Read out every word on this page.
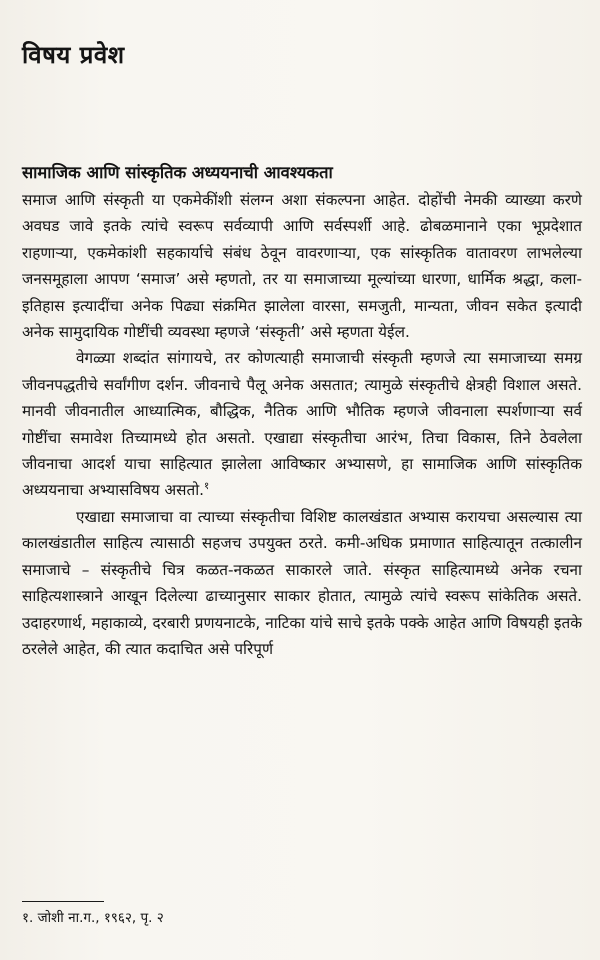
विषय प्रवेश
सामाजिक आणि सांस्कृतिक अध्ययनाची आवश्यकता

समाज आणि संस्कृती या एकमेकींशी संलग्न अशा संकल्पना आहेत. दोहोंची नेमकी व्याख्या करणे अवघड जावे इतके त्यांचे स्वरूप सर्वव्यापी आणि सर्वस्पर्शी आहे. ढोबळमानाने एका भूप्रदेशात राहणाऱ्या, एकमेकांशी सहकार्याचे संबंध ठेवून वावरणाऱ्या, एक सांस्कृतिक वातावरण लाभलेल्या जनसमूहाला आपण ‘समाज’ असे म्हणतो, तर या समाजाच्या मूल्यांच्या धारणा, धार्मिक श्रद्धा, कला-इतिहास इत्यादींचा अनेक पिढ्या संक्रमित झालेला वारसा, समजुती, मान्यता, जीवन सकेत इत्यादी अनेक सामुदायिक गोष्टींची व्यवस्था म्हणजे ‘संस्कृती’ असे म्हणता येईल.

वेगळ्या शब्दांत सांगायचे, तर कोणत्याही समाजाची संस्कृती म्हणजे त्या समाजाच्या समग्र जीवनपद्धतीचे सर्वांगीण दर्शन. जीवनाचे पैलू अनेक असतात; त्यामुळे संस्कृतीचे क्षेत्रही विशाल असते. मानवी जीवनातील आध्यात्मिक, बौद्धिक, नैतिक आणि भौतिक म्हणजे जीवनाला स्पर्शणाऱ्या सर्व गोष्टींचा समावेश तिच्यामध्ये होत असतो. एखाद्या संस्कृतीचा आरंभ, तिचा विकास, तिने ठेवलेला जीवनाचा आदर्श याचा साहित्यात झालेला आविष्कार अभ्यासणे, हा सामाजिक आणि सांस्कृतिक अध्ययनाचा अभ्यासविषय असतो.$^१$

एखाद्या समाजाचा वा त्याच्या संस्कृतीचा विशिष्ट कालखंडात अभ्यास करायचा असल्यास त्या कालखंडातील साहित्य त्यासाठी सहजच उपयुक्त ठरते. कमी-अधिक प्रमाणात साहित्यातून तत्कालीन समाजाचे – संस्कृतीचे चित्र कळत-नकळत साकारले जाते. संस्कृत साहित्यामध्ये अनेक रचना साहित्यशास्त्राने आखून दिलेल्या ढाच्यानुसार साकार होतात, त्यामुळे त्यांचे स्वरूप सांकेतिक असते. उदाहरणार्थ, महाकाव्ये, दरबारी प्रणयनाटके, नाटिका यांचे साचे इतके पक्के आहेत आणि विषयही इतके ठरलेले आहेत, की त्यात कदाचित असे परिपूर्ण

१. जोशी ना.ग., १९६२, पृ. २
